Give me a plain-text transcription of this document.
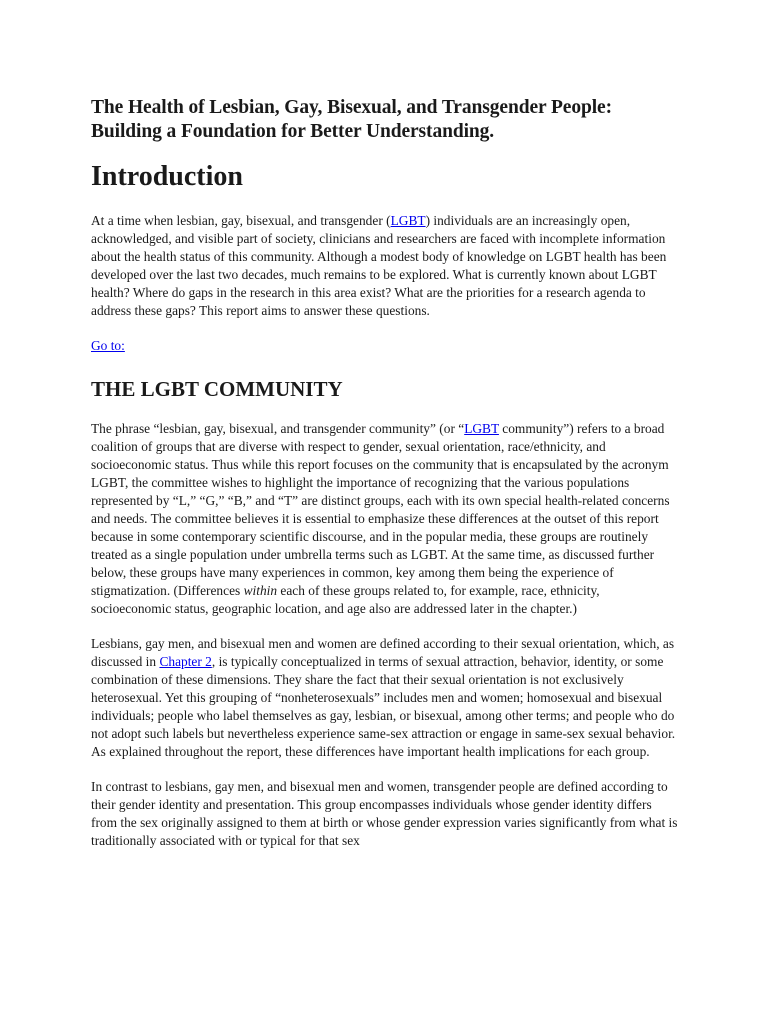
The Health of Lesbian, Gay, Bisexual, and Transgender People: Building a Foundation for Better Understanding.
Introduction

At a time when lesbian, gay, bisexual, and transgender (LGBT) individuals are an increasingly open, acknowledged, and visible part of society, clinicians and researchers are faced with incomplete information about the health status of this community. Although a modest body of knowledge on LGBT health has been developed over the last two decades, much remains to be explored. What is currently known about LGBT health? Where do gaps in the research in this area exist? What are the priorities for a research agenda to address these gaps? This report aims to answer these questions.

Go to:
THE LGBT COMMUNITY

The phrase “lesbian, gay, bisexual, and transgender community” (or “LGBT community”) refers to a broad coalition of groups that are diverse with respect to gender, sexual orientation, race/ethnicity, and socioeconomic status. Thus while this report focuses on the community that is encapsulated by the acronym LGBT, the committee wishes to highlight the importance of recognizing that the various populations represented by “L,” “G,” “B,” and “T” are distinct groups, each with its own special health-related concerns and needs. The committee believes it is essential to emphasize these differences at the outset of this report because in some contemporary scientific discourse, and in the popular media, these groups are routinely treated as a single population under umbrella terms such as LGBT. At the same time, as discussed further below, these groups have many experiences in common, key among them being the experience of stigmatization. (Differences within each of these groups related to, for example, race, ethnicity, socioeconomic status, geographic location, and age also are addressed later in the chapter.)

Lesbians, gay men, and bisexual men and women are defined according to their sexual orientation, which, as discussed in Chapter 2, is typically conceptualized in terms of sexual attraction, behavior, identity, or some combination of these dimensions. They share the fact that their sexual orientation is not exclusively heterosexual. Yet this grouping of “nonheterosexuals” includes men and women; homosexual and bisexual individuals; people who label themselves as gay, lesbian, or bisexual, among other terms; and people who do not adopt such labels but nevertheless experience same-sex attraction or engage in same-sex sexual behavior. As explained throughout the report, these differences have important health implications for each group.

In contrast to lesbians, gay men, and bisexual men and women, transgender people are defined according to their gender identity and presentation. This group encompasses individuals whose gender identity differs from the sex originally assigned to them at birth or whose gender expression varies significantly from what is traditionally associated with or typical for that sex
